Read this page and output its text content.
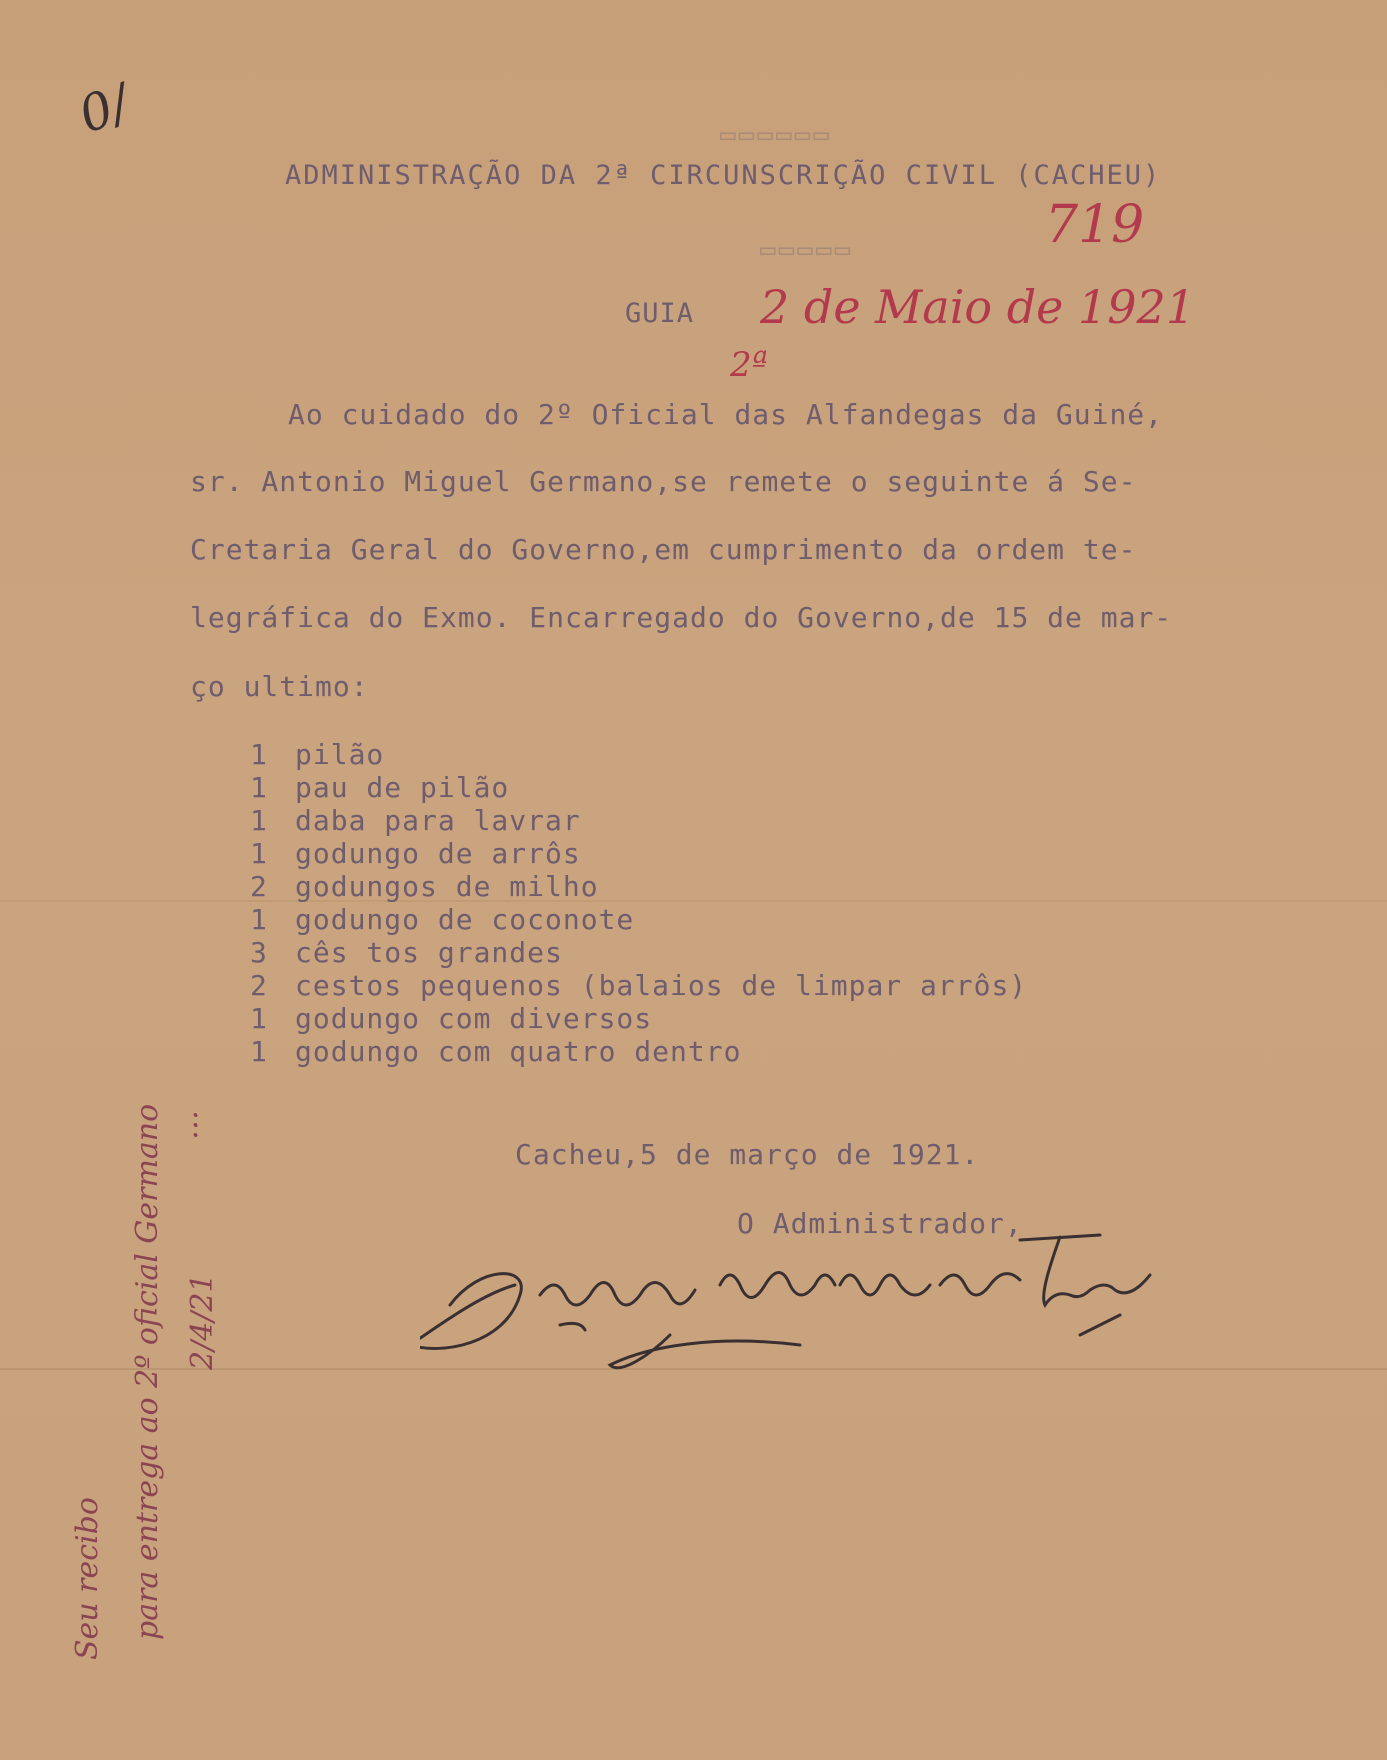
▭▭▭▭▭▭
▭▭▭▭▭
0/
ADMINISTRAÇÃO DA 2ª CIRCUNSCRIÇÃO CIVIL (CACHEU)
719
GUIA 2 de Maio de 1921
2ª
Ao cuidado do 2º Oficial das Alfandegas da Guiné,
sr. Antonio Miguel Germano,se remete o seguinte á Se-
Cretaria Geral do Governo,em cumprimento da ordem te-
legráfica do Exmo. Encarregado do Governo,de 15 de mar-
ço ultimo:
1 pilão
1 pau de pilão
1 daba para lavrar
1 godungo de arrôs
2 godungos de milho
1 godungo de coconote
3 cês tos grandes
2 cestos pequenos (balaios de limpar arrôs)
1 godungo com diversos
1 godungo com quatro dentro
Cacheu,5 de março de 1921.
O Administrador,
Seu recibo para entrega ao 2º oficial Germano 2/4/21
…
